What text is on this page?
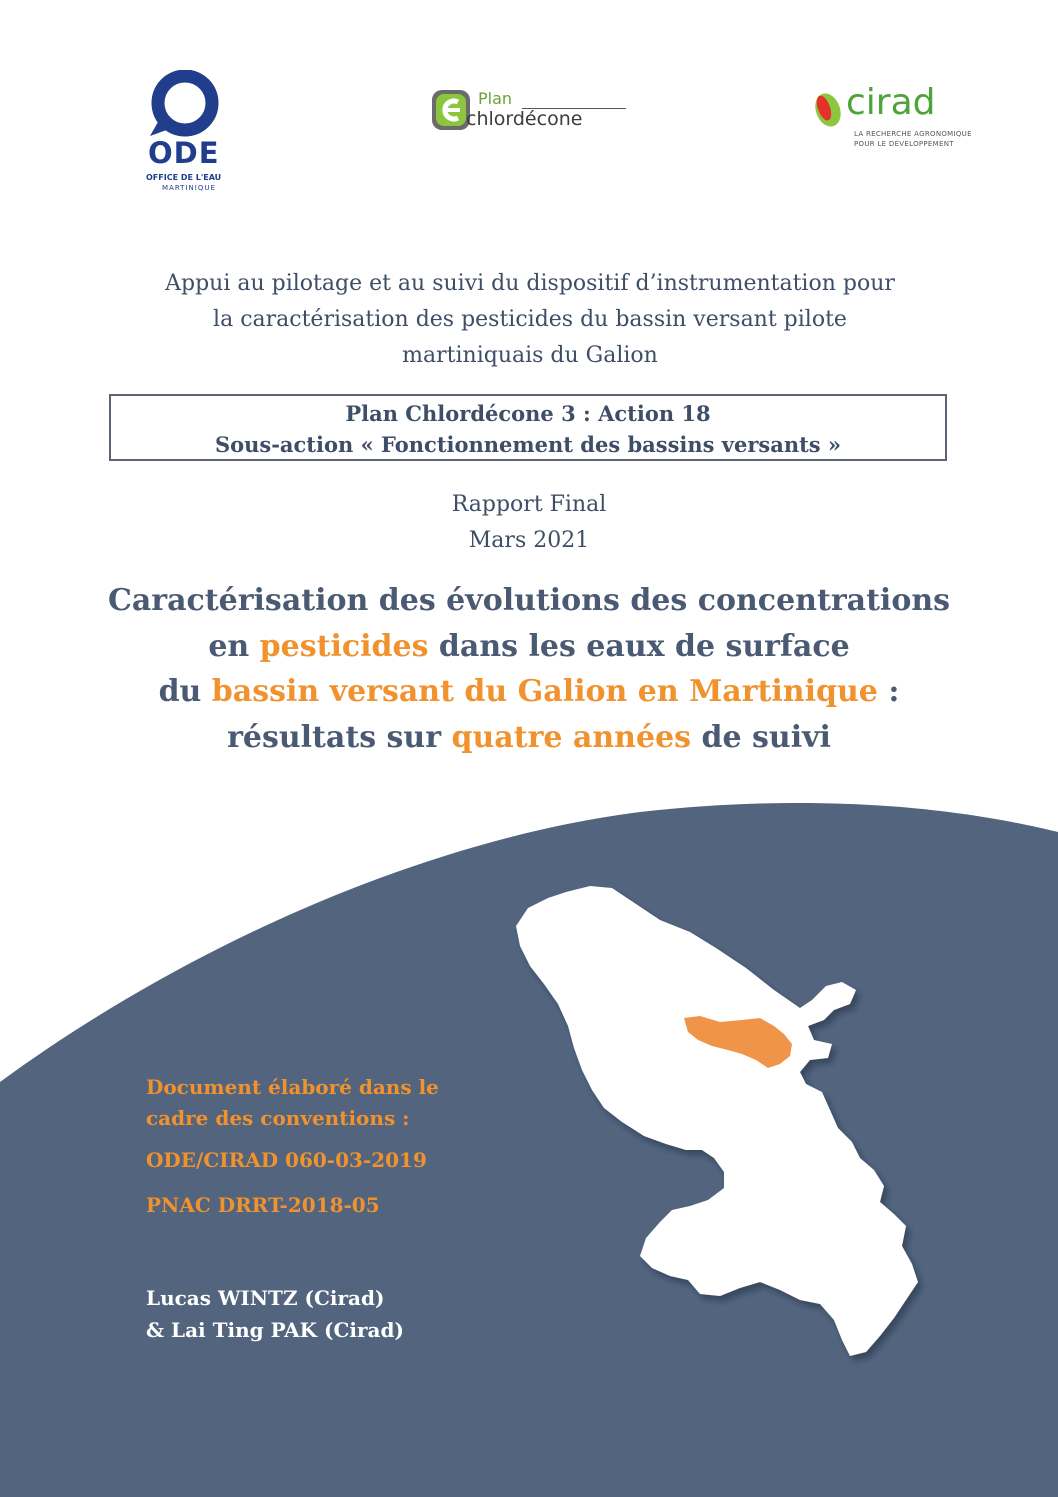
ODE
OFFICE DE L'EAU
MARTINIQUE
Plan
chlordécone	cirad
LA RECHERCHE AGRONOMIQUE
POUR LE DÉVELOPPEMENT
Appui au pilotage et au suivi du dispositif d’instrumentation pour
la caractérisation des pesticides du bassin versant pilote
martiniquais du Galion
Plan Chlordécone 3 : Action 18
Sous-action « Fonctionnement des bassins versants »
Rapport Final
Mars 2021
Caractérisation des évolutions des concentrations
en pesticides dans les eaux de surface
du bassin versant du Galion en Martinique :
résultats sur quatre années de suivi
Document élaboré dans le
cadre des conventions :
ODE/CIRAD 060-03-2019
PNAC DRRT-2018-05
Lucas WINTZ (Cirad)
& Lai Ting PAK (Cirad)
